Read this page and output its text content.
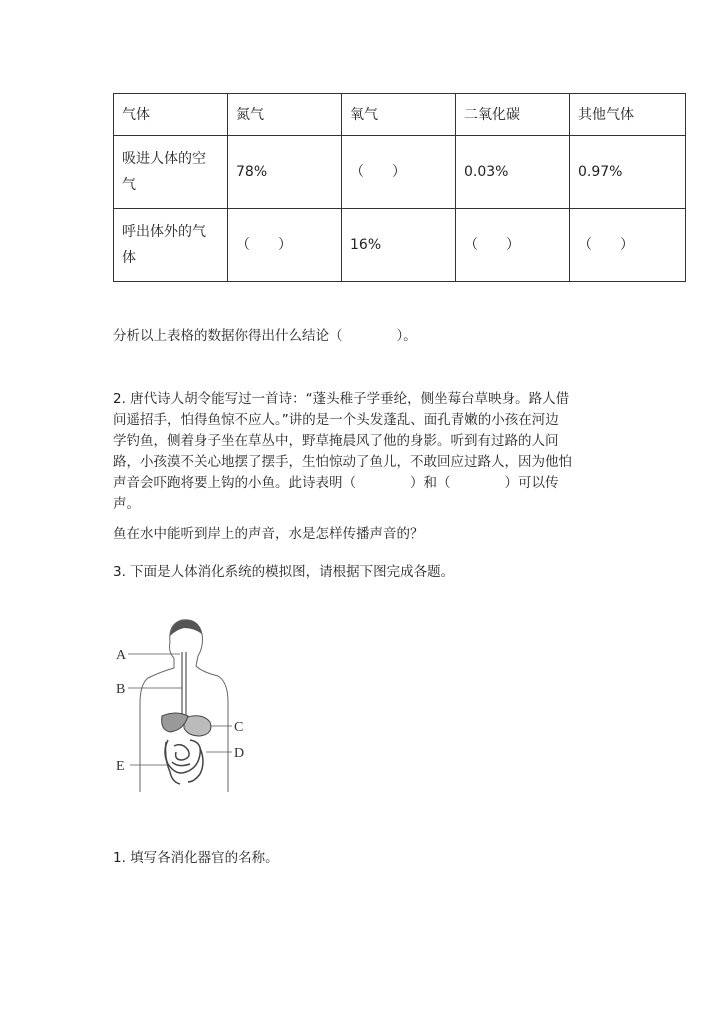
气体	氮气	氧气	二氧化碳	其他气体

吸进人体的空
气	78%	（　　）	0.03%	0.97%

呼出体外的气
体	（　　）	16%	（　　）	（　　）
分析以上表格的数据你得出什么结论（　　　　）。
2. 唐代诗人胡令能写过一首诗：“蓬头稚子学垂纶，侧坐莓台草映身。路人借
问遥招手，怕得鱼惊不应人。”讲的是一个头发蓬乱、面孔青嫩的小孩在河边
学钓鱼，侧着身子坐在草丛中，野草掩晨风了他的身影。听到有过路的人问
路，小孩漠不关心地摆了摆手，生怕惊动了鱼儿，不敢回应过路人，因为他怕
声音会吓跑将要上钩的小鱼。此诗表明（　　　　）和（　　　　）可以传
声。
鱼在水中能听到岸上的声音，水是怎样传播声音的？
3. 下面是人体消化系统的模拟图，请根据下图完成各题。
A
B
C
D
E
1. 填写各消化器官的名称。
